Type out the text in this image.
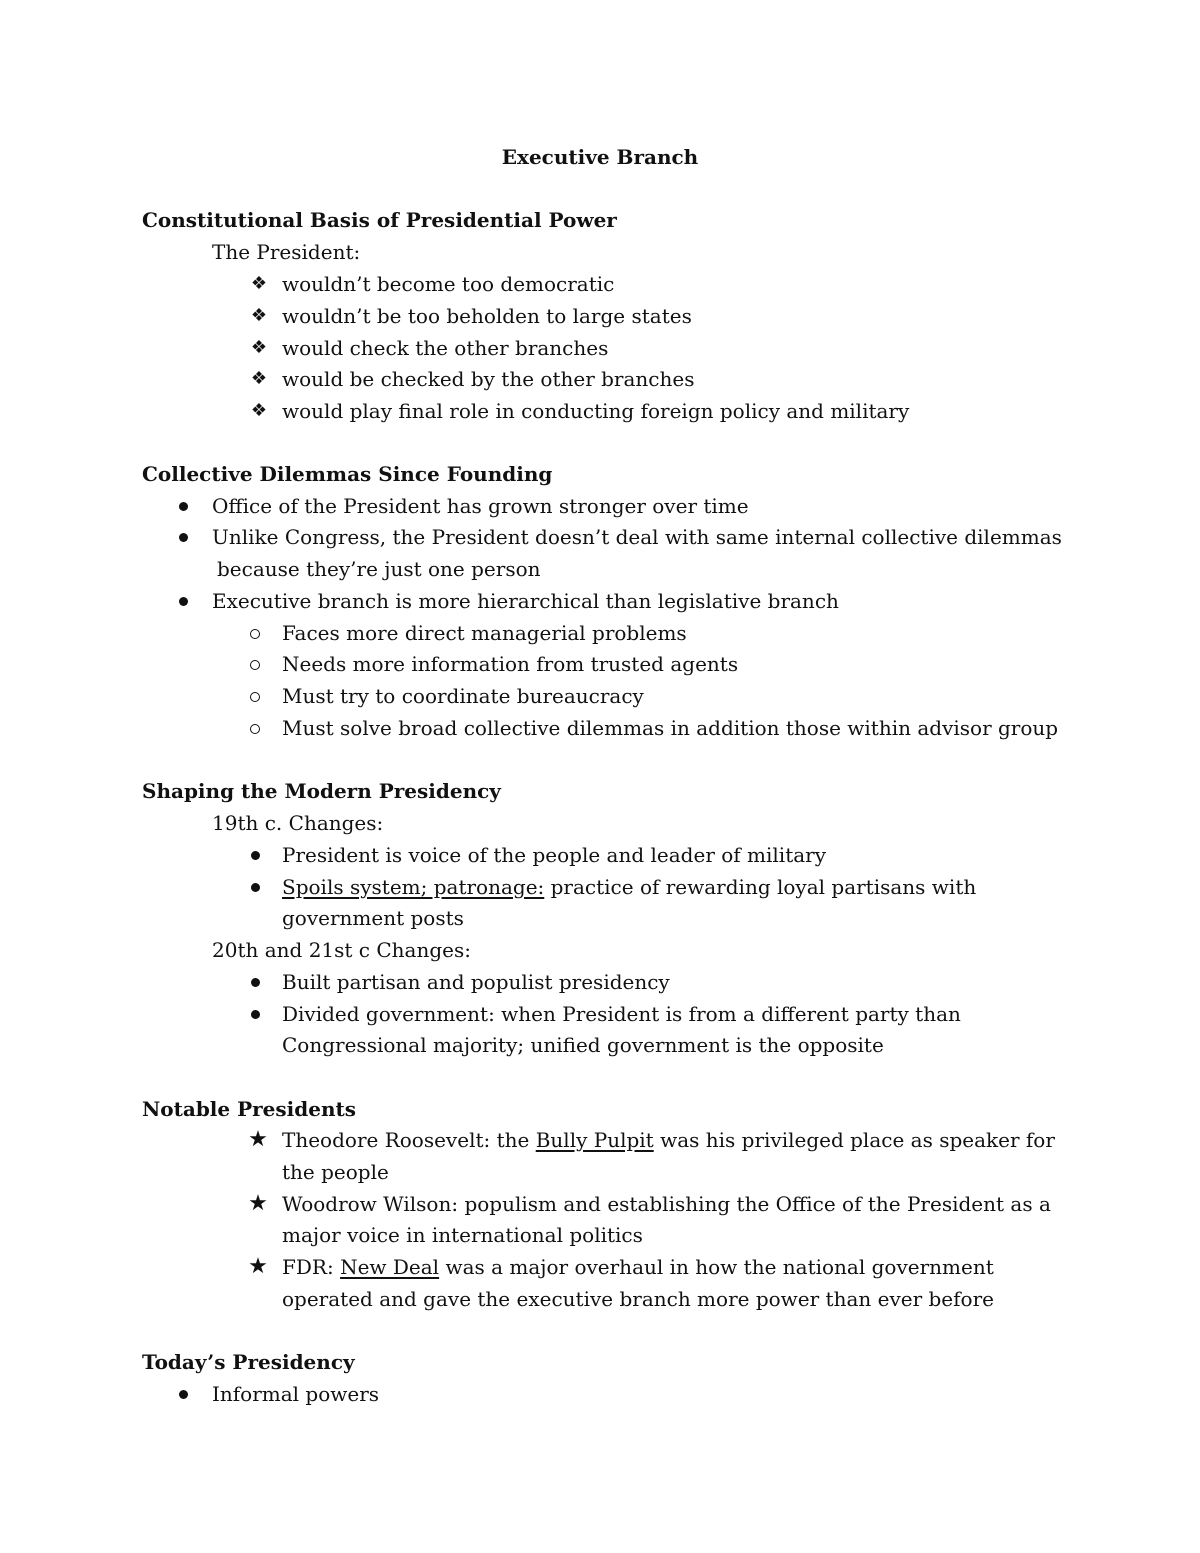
Executive Branch
Constitutional Basis of Presidential Power
The President:
❖ wouldn’t become too democratic
❖ wouldn’t be too beholden to large states
❖ would check the other branches
❖ would be checked by the other branches
❖ would play final role in conducting foreign policy and military
Collective Dilemmas Since Founding
Office of the President has grown stronger over time
Unlike Congress, the President doesn’t deal with same internal collective dilemmas
because they’re just one person
Executive branch is more hierarchical than legislative branch
Faces more direct managerial problems
Needs more information from trusted agents
Must try to coordinate bureaucracy
Must solve broad collective dilemmas in addition those within advisor group
Shaping the Modern Presidency
19th c. Changes:
President is voice of the people and leader of military
Spoils system; patronage: practice of rewarding loyal partisans with
government posts
20th and 21st c Changes:
Built partisan and populist presidency
Divided government: when President is from a different party than
Congressional majority; unified government is the opposite
Notable Presidents
★ Theodore Roosevelt: the Bully Pulpit was his privileged place as speaker for
the people
★ Woodrow Wilson: populism and establishing the Office of the President as a
major voice in international politics
★ FDR: New Deal was a major overhaul in how the national government
operated and gave the executive branch more power than ever before
Today’s Presidency
Informal powers
